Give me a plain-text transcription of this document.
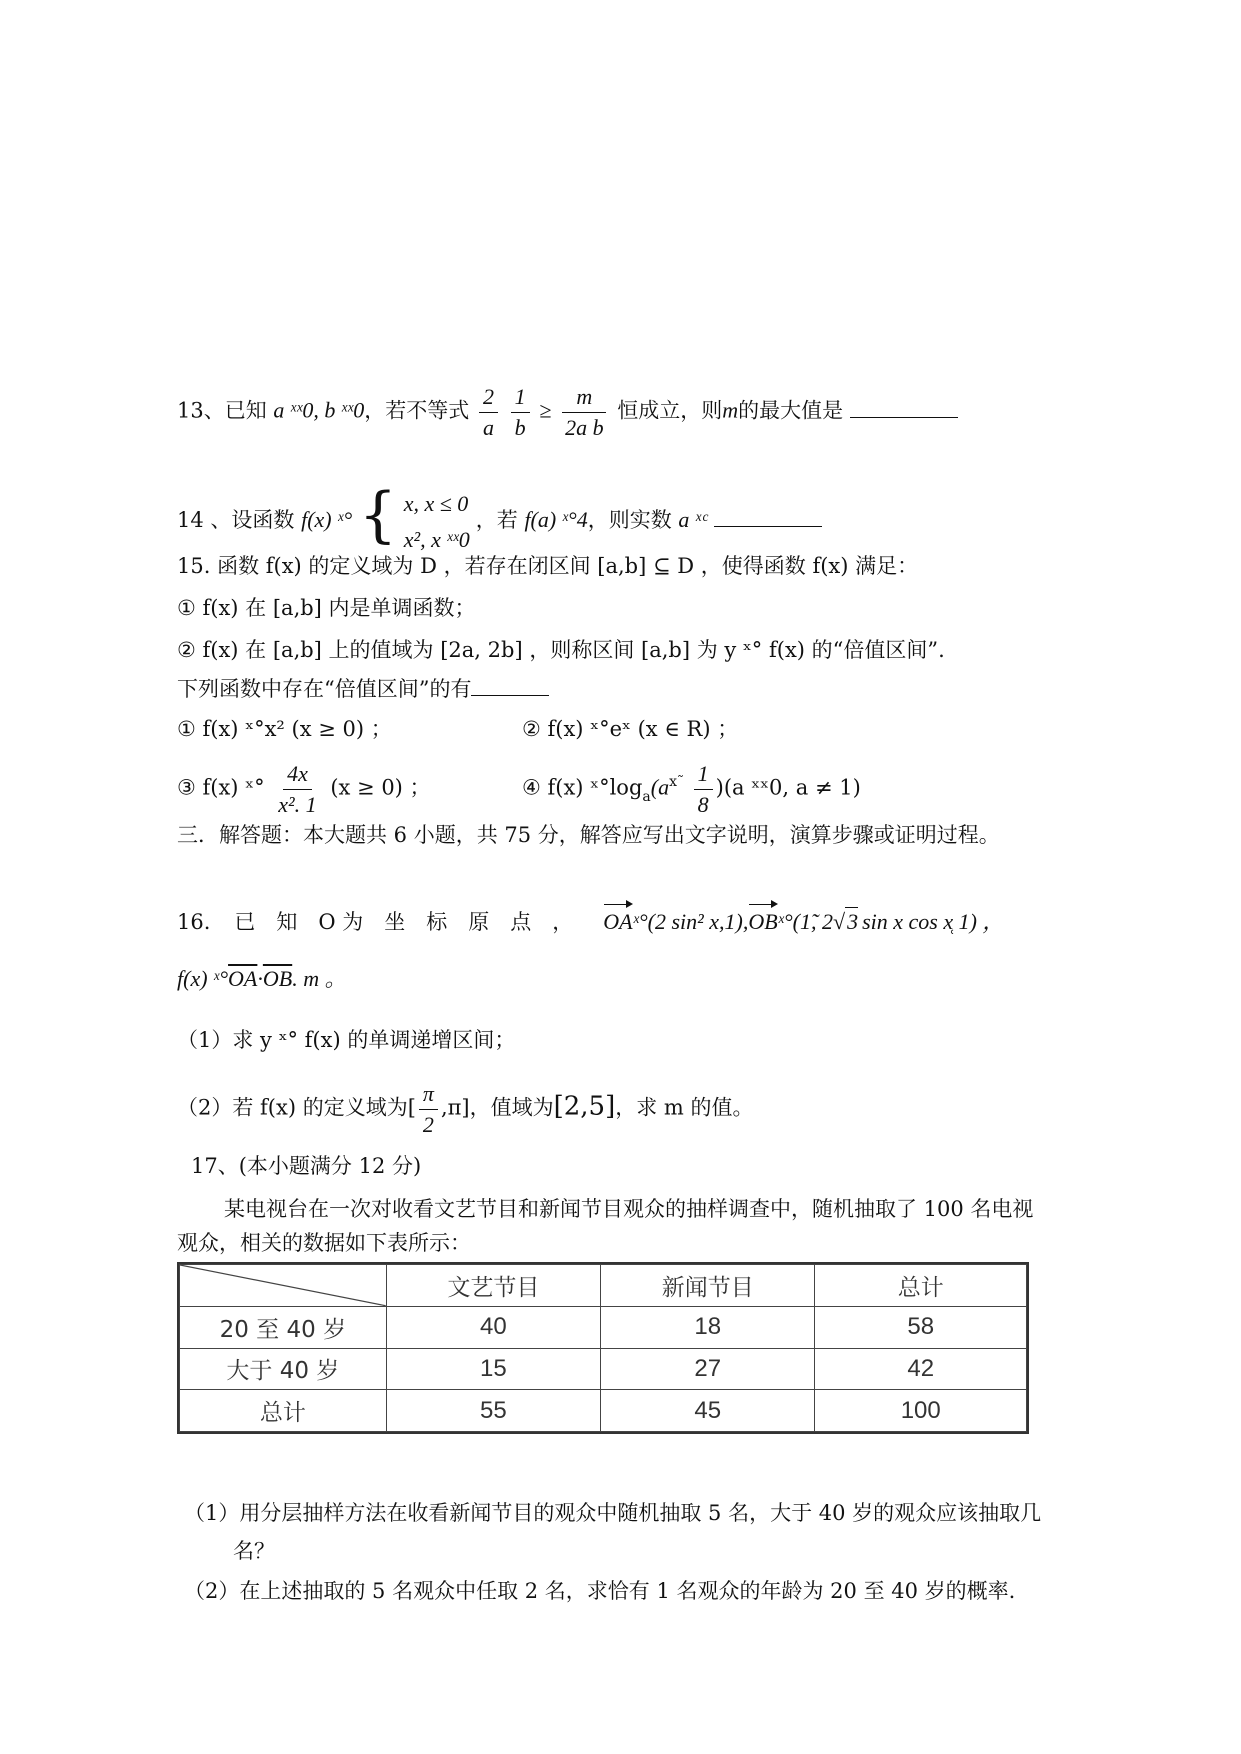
13、已知 a ˣˣ0, b ˣˣ0，若不等式 $\frac{2}{a}$
$\frac{1}{b} \ge \frac{m}{\text{2a b}}$ 恒成立，则m的最大值是
14 、设函数 f(x) ˣ° { x, x ≤ 0
x², x ˣˣ0
，若 f(a) ˣ°4，则实数 a ˣᶜ
15. 函数 f(x) 的定义域为 D ，若存在闭区间 [a,b] ⊆ D ，使得函数 f(x) 满足：
① f(x) 在 [a,b] 内是单调函数；
② f(x) 在 [a,b] 上的值域为 [2a, 2b] ，则称区间 [a,b] 为 y ˣ° f(x) 的“倍值区间”.
下列函数中存在“倍值区间”的有
① f(x) ˣ°x² (x ≥ 0) ；	② f(x) ˣ°eˣ (x ∈ R) ；
③ f(x) ˣ° $\frac{4x}{\text{x². 1}} (x \ge 0)$ ；	④ f(x) $ˣ^\circ\log_a(a^{x˜} \frac{1}{8} )(a$ ˣˣ0, a ≠ 1)
三．解答题：本大题共 6 小题，共 75 分，解答应写出文字说明，演算步骤或证明过程。
16. 已　知　O 为　坐　标　原　点　， OA ˣ°(2 sin² x,1), OB ˣ°(1̃, 2 √ 3 sin x cos x̜ 1) ，
f(x) $ˣ^\circ\overline{OA}\cdot\overline{OB}$. m 。
（1）求 y ˣ° f(x) 的单调递增区间；
（2）若 f(x) 的定义域为[ $\frac{\pi}{2} ,\pi$]，值域为[2,5]，求 m 的值。
17、(本小题满分 12 分)
某电视台在一次对收看文艺节目和新闻节目观众的抽样调查中，随机抽取了 100 名电视
观众，相关的数据如下表所示：
	文艺节目	新闻节目	总计
20 至 40 岁	40	18	58
大于 40 岁	15	27	42
总计	55	45	100
（1）用分层抽样方法在收看新闻节目的观众中随机抽取 5 名，大于 40 岁的观众应该抽取几
名？
（2）在上述抽取的 5 名观众中任取 2 名，求恰有 1 名观众的年龄为 20 至 40 岁的概率.
